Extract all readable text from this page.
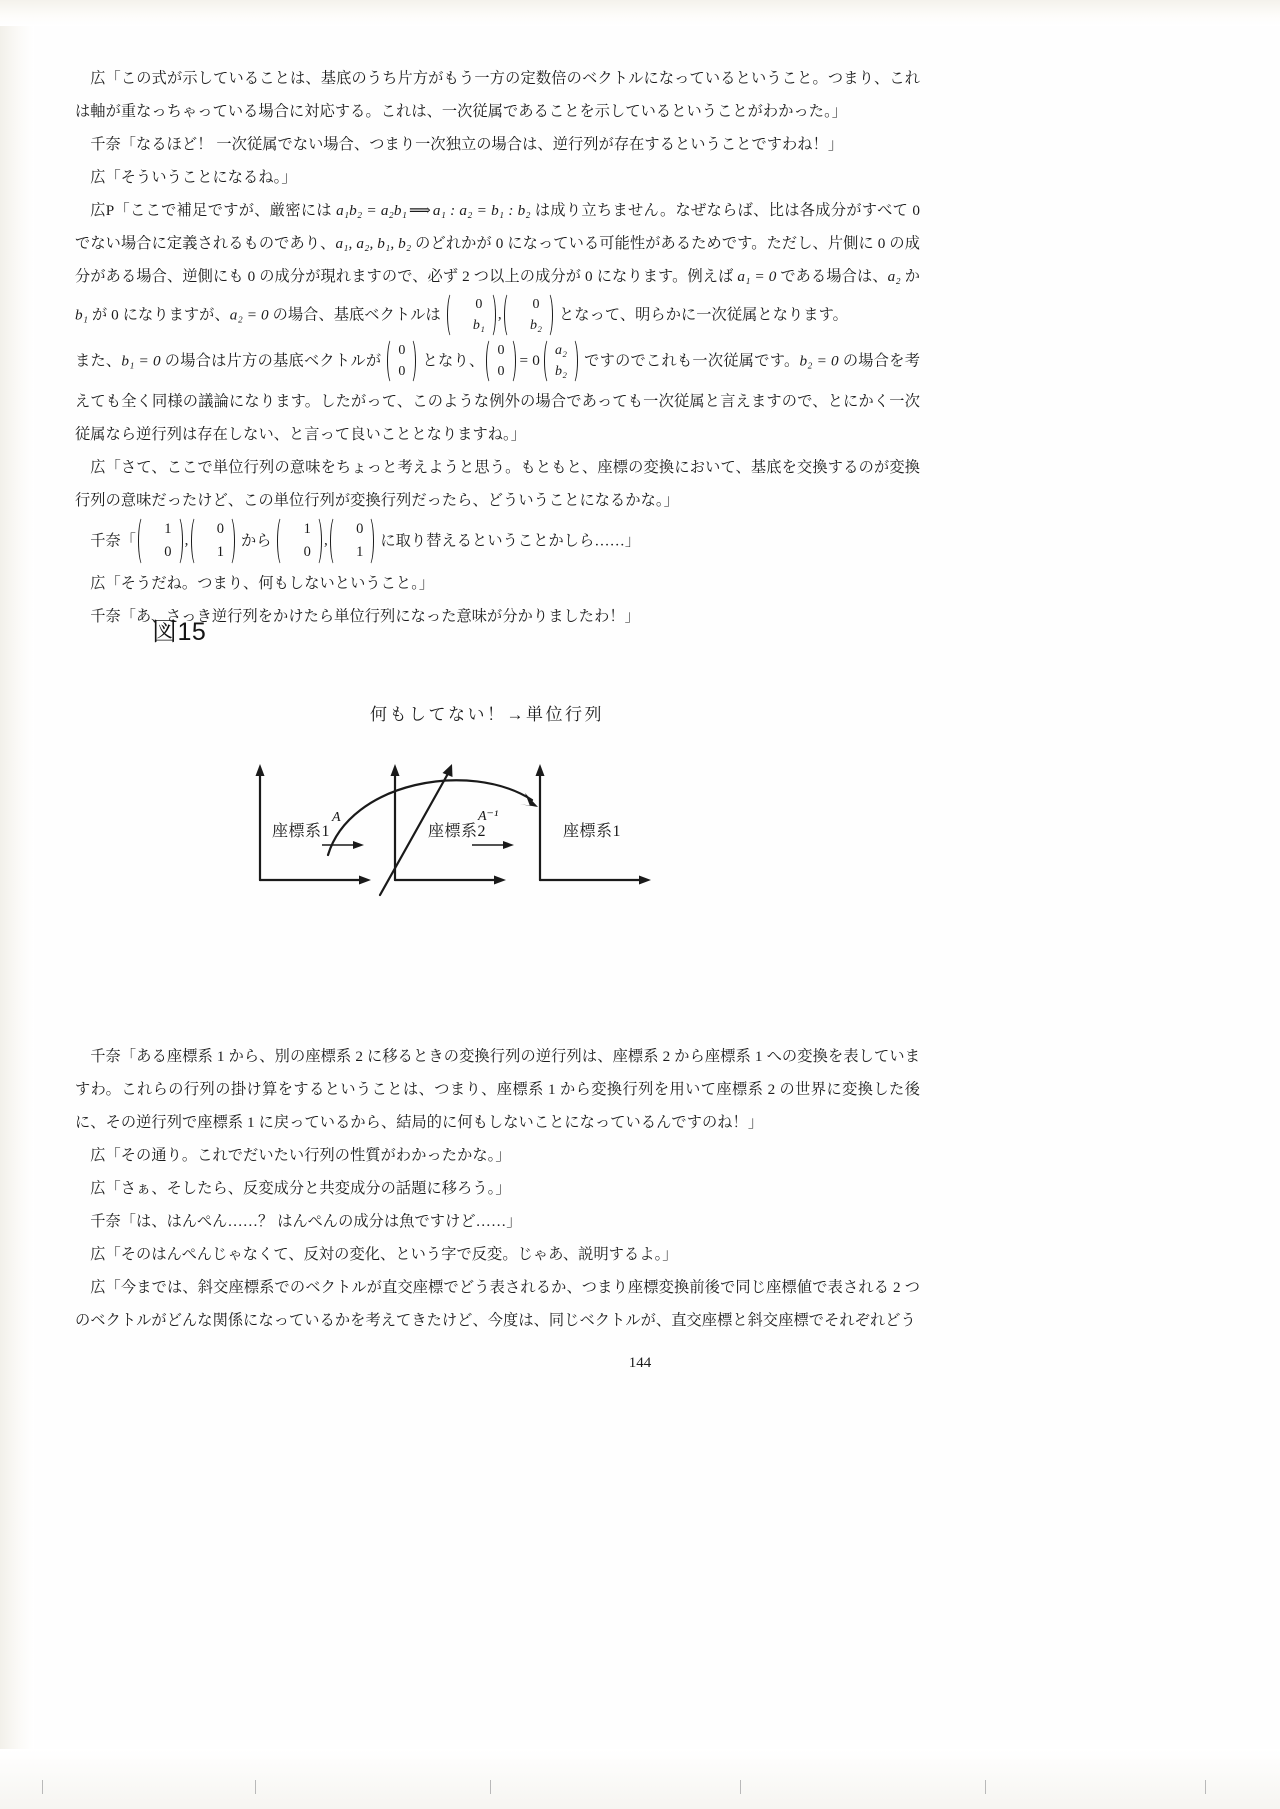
広「この式が示していることは、基底のうち片方がもう一方の定数倍のベクトルになっているということ。つまり、これは軸が重なっちゃっている場合に対応する。これは、一次従属であることを示しているということがわかった。」

千奈「なるほど！ 一次従属でない場合、つまり一次独立の場合は、逆行列が存在するということですわね！」

広「そういうことになるね。」

広P「ここで補足ですが、厳密には a₁b₂ = a₂b₁ ⟹ a₁ : a₂ = b₁ : b₂ は成り立ちません。なぜならば、比は各成分がすべて 0 でない場合に定義されるものであり、a₁, a₂, b₁, b₂ のどれかが 0 になっている可能性があるためです。ただし、片側に 0 の成分がある場合、逆側にも 0 の成分が現れますので、必ず 2 つ以上の成分が 0 になります。例えば a₁ = 0 である場合は、a₂ か b₁ が 0 になりますが、a₂ = 0 の場合、基底ベクトルは
0
b₁
,
0
b₂
となって、明らかに一次従属となります。

また、b₁ = 0 の場合は片方の基底ベクトルが
0
0
となり、
0
0
= 0
a₂
b₂
ですのでこれも一次従属です。b₂ = 0 の場合を考えても全く同様の議論になります。したがって、このような例外の場合であっても一次従属と言えますので、とにかく一次従属なら逆行列は存在しない、と言って良いこととなりますね。」

広「さて、ここで単位行列の意味をちょっと考えようと思う。もともと、座標の変換において、基底を交換するのが変換行列の意味だったけど、この単位行列が変換行列だったら、どういうことになるかな。」

千奈「
1
0
,
0
1
から
1
0
,
0
1
に取り替えるということかしら……」

広「そうだね。つまり、何もしないということ。」

千奈「あ、さっき逆行列をかけたら単位行列になった意味が分かりましたわ！」

図15
何もしてない！→単位行列
座標系1	座標系2	座標系1
A	A⁻¹

千奈「ある座標系 1 から、別の座標系 2 に移るときの変換行列の逆行列は、座標系 2 から座標系 1 への変換を表していますわ。これらの行列の掛け算をするということは、つまり、座標系 1 から変換行列を用いて座標系 2 の世界に変換した後に、その逆行列で座標系 1 に戻っているから、結局的に何もしないことになっているんですのね！」

広「その通り。これでだいたい行列の性質がわかったかな。」

広「さぁ、そしたら、反変成分と共変成分の話題に移ろう。」

千奈「は、はんぺん……？ はんぺんの成分は魚ですけど……」

広「そのはんぺんじゃなくて、反対の変化、という字で反変。じゃあ、説明するよ。」

広「今までは、斜交座標系でのベクトルが直交座標でどう表されるか、つまり座標変換前後で同じ座標値で表される 2 つのベクトルがどんな関係になっているかを考えてきたけど、今度は、同じベクトルが、直交座標と斜交座標でそれぞれどう

144
